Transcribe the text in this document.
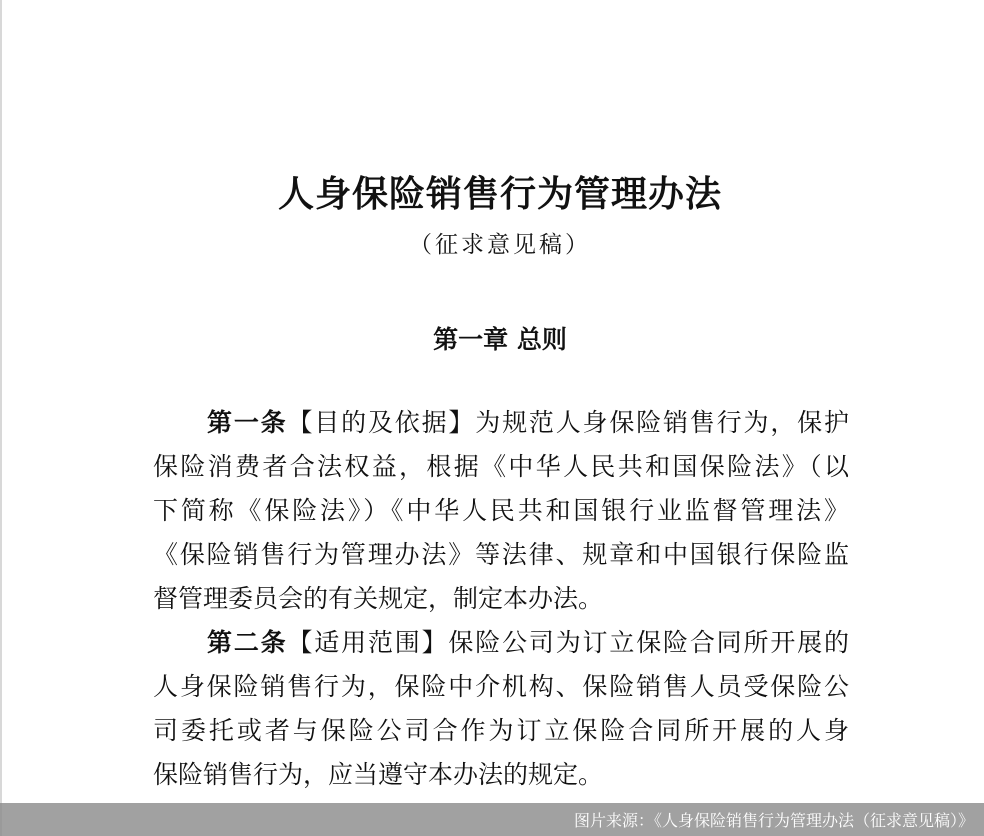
人身保险销售行为管理办法
（征求意见稿）
第一章 总则
第一条【目的及依据】为规范人身保险销售行为，保护
保险消费者合法权益，根据《中华人民共和国保险法》（以
下简称《保险法》）《中华人民共和国银行业监督管理法》
《保险销售行为管理办法》等法律、规章和中国银行保险监
督管理委员会的有关规定，制定本办法。
第二条【适用范围】保险公司为订立保险合同所开展的
人身保险销售行为，保险中介机构、保险销售人员受保险公
司委托或者与保险公司合作为订立保险合同所开展的人身
保险销售行为，应当遵守本办法的规定。
图片来源：《人身保险销售行为管理办法（征求意见稿）》
